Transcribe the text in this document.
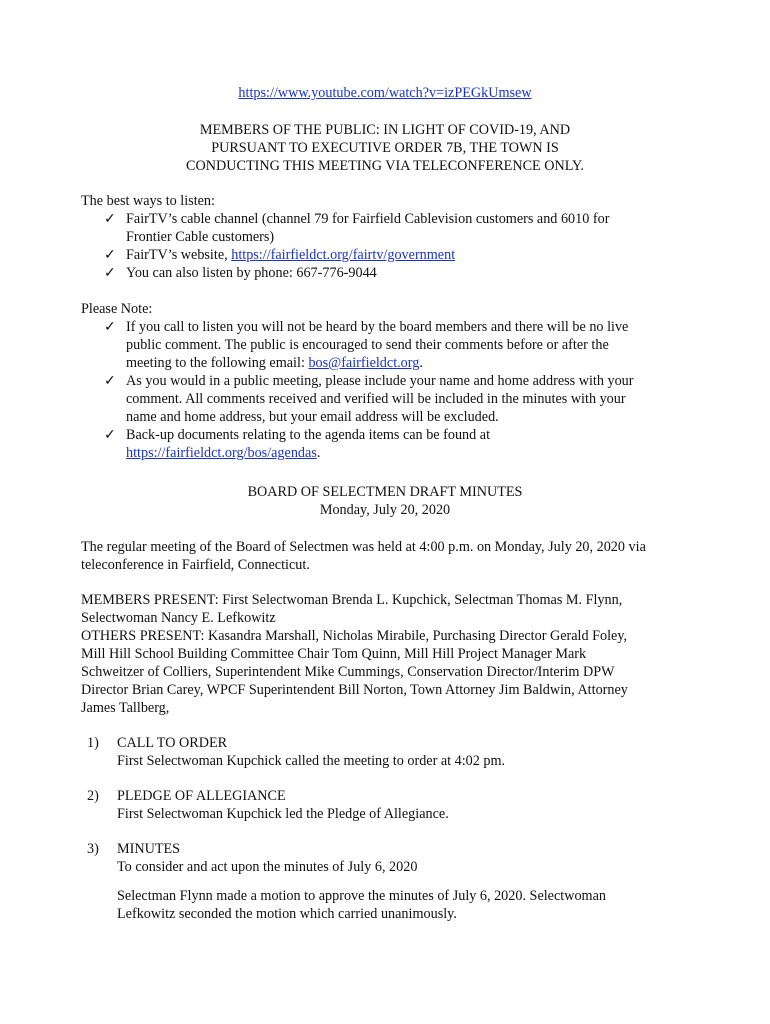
https://www.youtube.com/watch?v=izPEGkUmsew
MEMBERS OF THE PUBLIC: IN LIGHT OF COVID-19, AND
PURSUANT TO EXECUTIVE ORDER 7B, THE TOWN IS
CONDUCTING THIS MEETING VIA TELECONFERENCE ONLY.
The best ways to listen:
✓ FairTV’s cable channel (channel 79 for Fairfield Cablevision customers and 6010 for
Frontier Cable customers)
✓ FairTV’s website, https://fairfieldct.org/fairtv/government
✓ You can also listen by phone: 667-776-9044
Please Note:
✓ If you call to listen you will not be heard by the board members and there will be no live
public comment. The public is encouraged to send their comments before or after the
meeting to the following email: bos@fairfieldct.org.
✓ As you would in a public meeting, please include your name and home address with your
comment. All comments received and verified will be included in the minutes with your
name and home address, but your email address will be excluded.
✓ Back-up documents relating to the agenda items can be found at
https://fairfieldct.org/bos/agendas.
BOARD OF SELECTMEN DRAFT MINUTES
Monday, July 20, 2020
The regular meeting of the Board of Selectmen was held at 4:00 p.m. on Monday, July 20, 2020 via
teleconference in Fairfield, Connecticut.
MEMBERS PRESENT: First Selectwoman Brenda L. Kupchick, Selectman Thomas M. Flynn,
Selectwoman Nancy E. Lefkowitz
OTHERS PRESENT: Kasandra Marshall, Nicholas Mirabile, Purchasing Director Gerald Foley,
Mill Hill School Building Committee Chair Tom Quinn, Mill Hill Project Manager Mark
Schweitzer of Colliers, Superintendent Mike Cummings, Conservation Director/Interim DPW
Director Brian Carey, WPCF Superintendent Bill Norton, Town Attorney Jim Baldwin, Attorney
James Tallberg,
1) CALL TO ORDER
First Selectwoman Kupchick called the meeting to order at 4:02 pm.
2) PLEDGE OF ALLEGIANCE
First Selectwoman Kupchick led the Pledge of Allegiance.
3) MINUTES
To consider and act upon the minutes of July 6, 2020
Selectman Flynn made a motion to approve the minutes of July 6, 2020. Selectwoman
Lefkowitz seconded the motion which carried unanimously.
